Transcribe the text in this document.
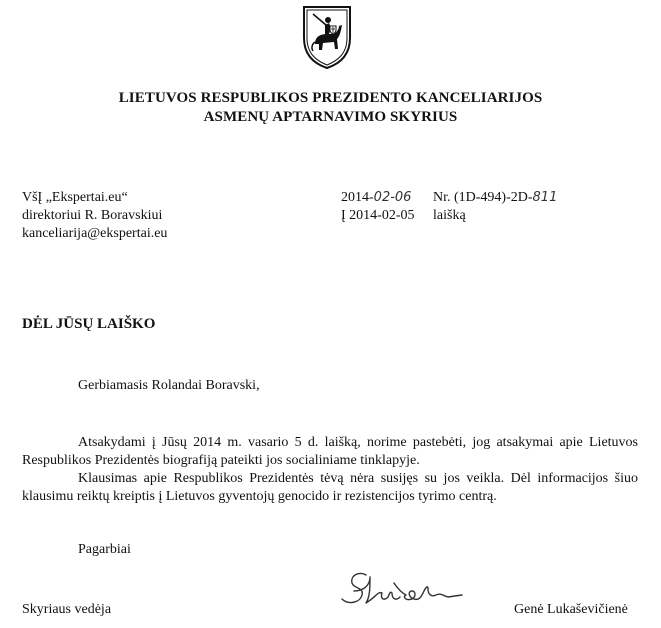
LIETUVOS RESPUBLIKOS PREZIDENTO KANCELIARIJOS
ASMENŲ APTARNAVIMO SKYRIUS
VšĮ „Ekspertai.eu“
direktoriui R. Boravskiui
kanceliarija@ekspertai.eu
2014-02-06 Nr. (1D-494)-2D-811
Į 2014-02-05 laišką
DĖL JŪSŲ LAIŠKO
Gerbiamasis Rolandai Boravski,

Atsakydami į Jūsų 2014 m. vasario 5 d. laišką, norime pastebėti, jog atsakymai apie Lietuvos Respublikos Prezidentės biografiją pateikti jos socialiniame tinklapyje.

Klausimas apie Respublikos Prezidentės tėvą nėra susijęs su jos veikla. Dėl informacijos šiuo klausimu reiktų kreiptis į Lietuvos gyventojų genocido ir rezistencijos tyrimo centrą.

Pagarbiai
Skyriaus vedėja	Genė Lukaševičienė
